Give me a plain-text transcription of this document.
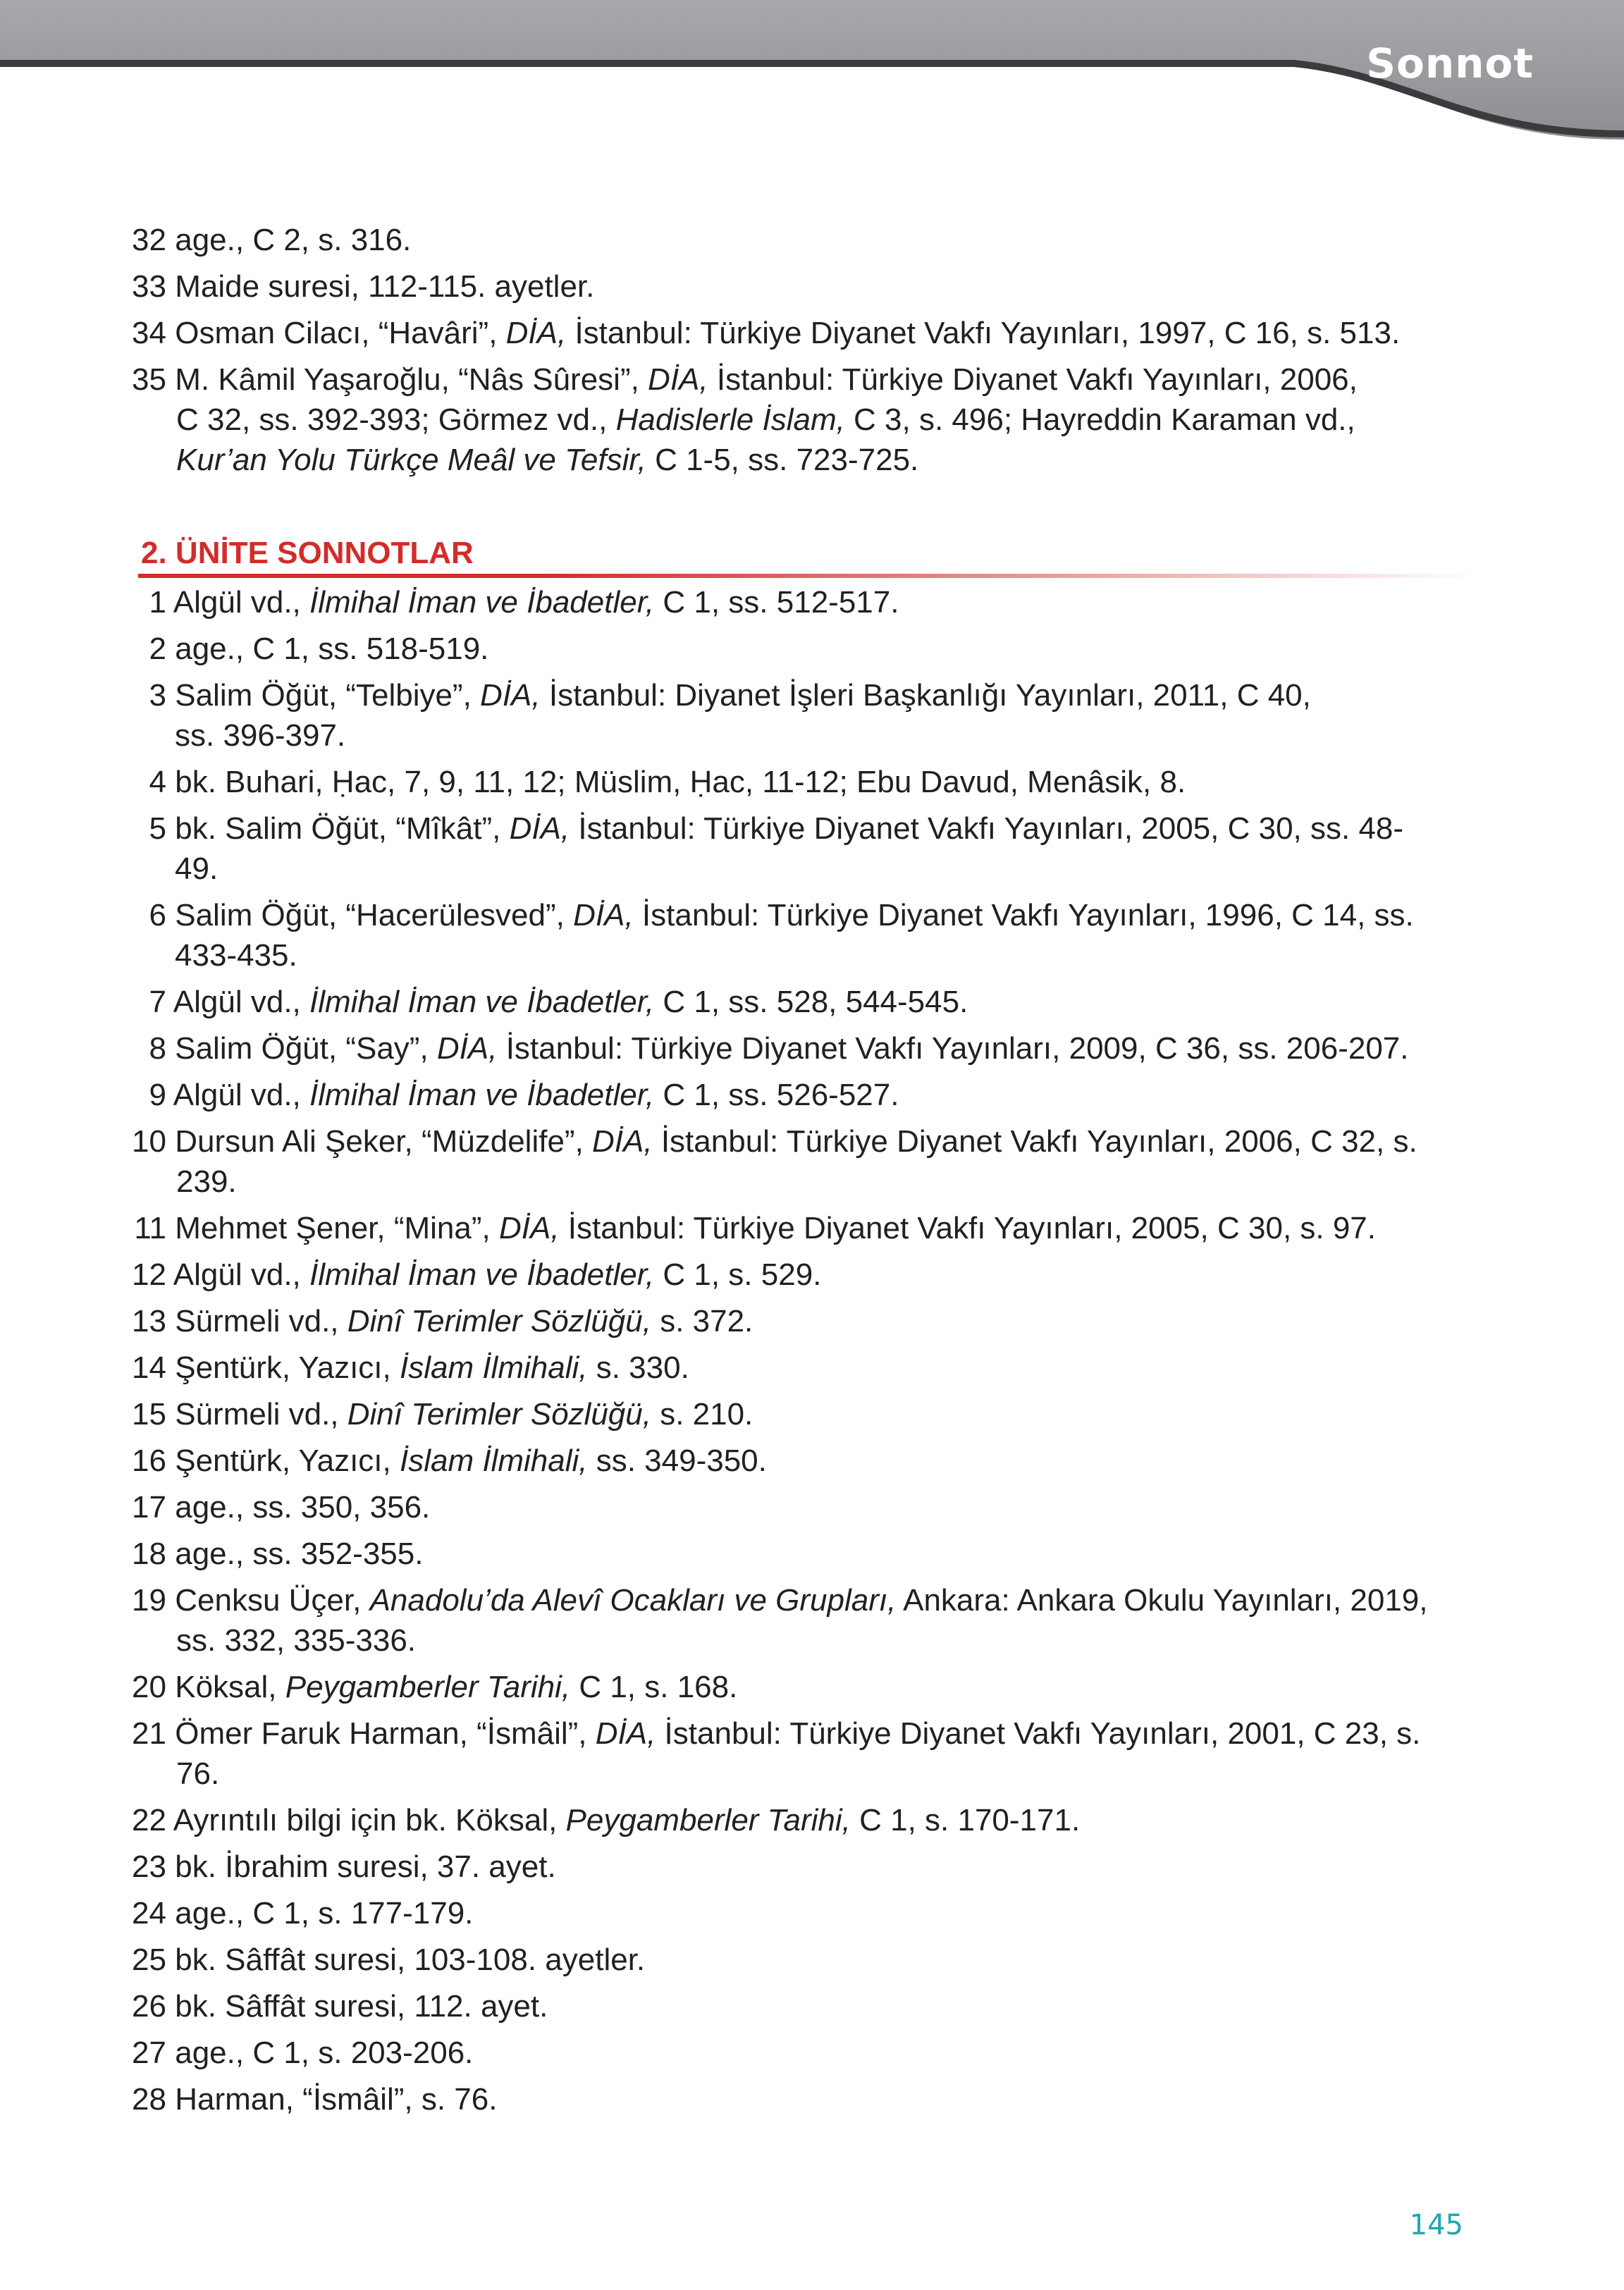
Sonnot
32 age., C 2, s. 316.
33 Maide suresi, 112-115. ayetler.
34 Osman Cilacı, “Havâri”, DİA, İstanbul: Türkiye Diyanet Vakfı Yayınları, 1997, C 16, s. 513.
35 M. Kâmil Yaşaroğlu, “Nâs Sûresi”, DİA, İstanbul: Türkiye Diyanet Vakfı Yayınları, 2006,
C 32, ss. 392-393; Görmez vd., Hadislerle İslam, C 3, s. 496; Hayreddin Karaman vd.,
Kur’an Yolu Türkçe Meâl ve Tefsir, C 1-5, ss. 723-725.
2. ÜNİTE SONNOTLAR
1 Algül vd., İlmihal İman ve İbadetler, C 1, ss. 512-517.
2 age., C 1, ss. 518-519.
3 Salim Öğüt, “Telbiye”, DİA, İstanbul: Diyanet İşleri Başkanlığı Yayınları, 2011, C 40,
ss. 396-397.
4 bk. Buhari, Ḥac, 7, 9, 11, 12; Müslim, Ḥac, 11-12; Ebu Davud, Menâsik, 8.
5 bk. Salim Öğüt, “Mîkât”, DİA, İstanbul: Türkiye Diyanet Vakfı Yayınları, 2005, C 30, ss. 48-
49.
6 Salim Öğüt, “Hacerülesved”, DİA, İstanbul: Türkiye Diyanet Vakfı Yayınları, 1996, C 14, ss.
433-435.
7 Algül vd., İlmihal İman ve İbadetler, C 1, ss. 528, 544-545.
8 Salim Öğüt, “Say”, DİA, İstanbul: Türkiye Diyanet Vakfı Yayınları, 2009, C 36, ss. 206-207.
9 Algül vd., İlmihal İman ve İbadetler, C 1, ss. 526-527.
10 Dursun Ali Şeker, “Müzdelife”, DİA, İstanbul: Türkiye Diyanet Vakfı Yayınları, 2006, C 32, s.
239.
11 Mehmet Şener, “Mina”, DİA, İstanbul: Türkiye Diyanet Vakfı Yayınları, 2005, C 30, s. 97.
12 Algül vd., İlmihal İman ve İbadetler, C 1, s. 529.
13 Sürmeli vd., Dinî Terimler Sözlüğü, s. 372.
14 Şentürk, Yazıcı, İslam İlmihali, s. 330.
15 Sürmeli vd., Dinî Terimler Sözlüğü, s. 210.
16 Şentürk, Yazıcı, İslam İlmihali, ss. 349-350.
17 age., ss. 350, 356.
18 age., ss. 352-355.
19 Cenksu Üçer, Anadolu’da Alevî Ocakları ve Grupları, Ankara: Ankara Okulu Yayınları, 2019,
ss. 332, 335-336.
20 Köksal, Peygamberler Tarihi, C 1, s. 168.
21 Ömer Faruk Harman, “İsmâil”, DİA, İstanbul: Türkiye Diyanet Vakfı Yayınları, 2001, C 23, s.
76.
22 Ayrıntılı bilgi için bk. Köksal, Peygamberler Tarihi, C 1, s. 170-171.
23 bk. İbrahim suresi, 37. ayet.
24 age., C 1, s. 177-179.
25 bk. Sâffât suresi, 103-108. ayetler.
26 bk. Sâffât suresi, 112. ayet.
27 age., C 1, s. 203-206.
28 Harman, “İsmâil”, s. 76.
145
